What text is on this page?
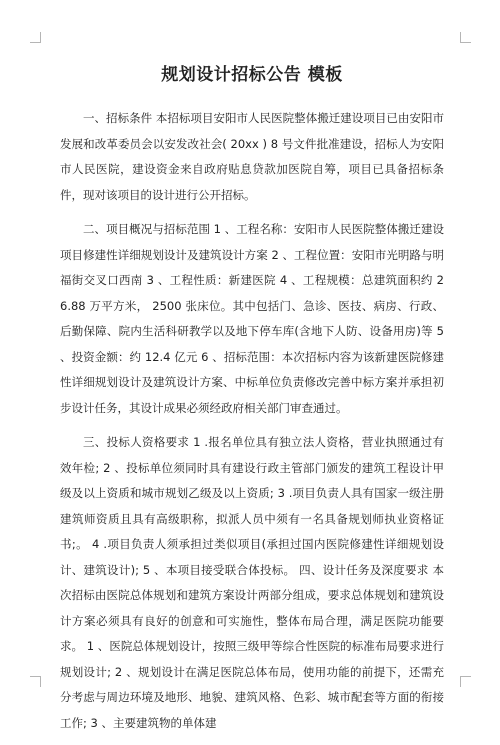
规划设计招标公告 模板

一、招标条件 本招标项目安阳市人民医院整体搬迁建设项目已由安阳市发展和改革委员会以安发改社会( 20xx ) 8 号文件批准建设，招标人为安阳市人民医院，建设资金来自政府贴息贷款加医院自筹，项目已具备招标条件，现对该项目的设计进行公开招标。

二、项目概况与招标范围 1 、工程名称：安阳市人民医院整体搬迁建设项目修建性详细规划设计及建筑设计方案 2 、工程位置：安阳市光明路与明福街交叉口西南 3 、工程性质：新建医院 4 、工程规模：总建筑面积约 26.88 万平方米， 2500 张床位。其中包括门、急诊、医技、病房、行政、后勤保障、院内生活科研教学以及地下停车库(含地下人防、设备用房)等 5 、投资金额：约 12.4 亿元 6 、招标范围：本次招标内容为该新建医院修建性详细规划设计及建筑设计方案、中标单位负责修改完善中标方案并承担初步设计任务，其设计成果必须经政府相关部门审查通过。

三、投标人资格要求 1 .报名单位具有独立法人资格，营业执照通过有效年检; 2 、投标单位须同时具有建设行政主管部门颁发的建筑工程设计甲级及以上资质和城市规划乙级及以上资质; 3 .项目负责人具有国家一级注册建筑师资质且具有高级职称，拟派人员中须有一名具备规划师执业资格证书;。 4 .项目负责人须承担过类似项目(承担过国内医院修建性详细规划设计、建筑设计); 5 、本项目接受联合体投标。 四、设计任务及深度要求 本次招标由医院总体规划和建筑方案设计两部分组成，要求总体规划和建筑设计方案必须具有良好的创意和可实施性，整体布局合理，满足医院功能要求。 1 、医院总体规划设计，按照三级甲等综合性医院的标准布局要求进行规划设计; 2 、规划设计在满足医院总体布局，使用功能的前提下，还需充分考虑与周边环境及地形、地貌、建筑风格、色彩、城市配套等方面的衔接工作; 3 、主要建筑物的单体建
